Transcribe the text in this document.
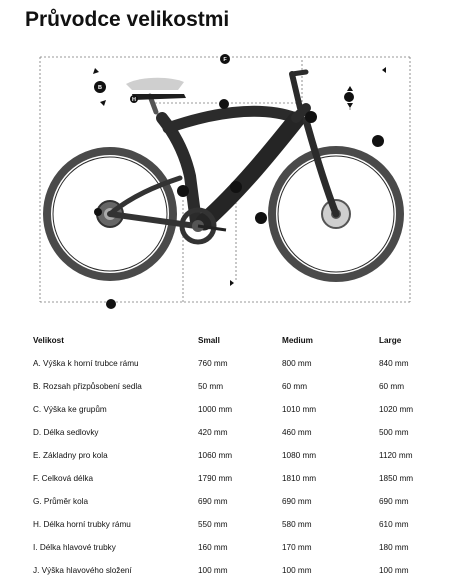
Průvodce velikostmi
B
F
H
Velikost	Small	Medium	Large
A. Výška k horní trubce rámu	760 mm	800 mm	840 mm
B. Rozsah přizpůsobení sedla	50 mm	60 mm	60 mm
C. Výška ke grupům	1000 mm	1010 mm	1020 mm
D. Délka sedlovky	420 mm	460 mm	500 mm
E. Základny pro kola	1060 mm	1080 mm	1120 mm
F. Celková délka	1790 mm	1810 mm	1850 mm
G. Průměr kola	690 mm	690 mm	690 mm
H. Délka horní trubky rámu	550 mm	580 mm	610 mm
I. Délka hlavové trubky	160 mm	170 mm	180 mm
J. Výška hlavového složení	100 mm	100 mm	100 mm
